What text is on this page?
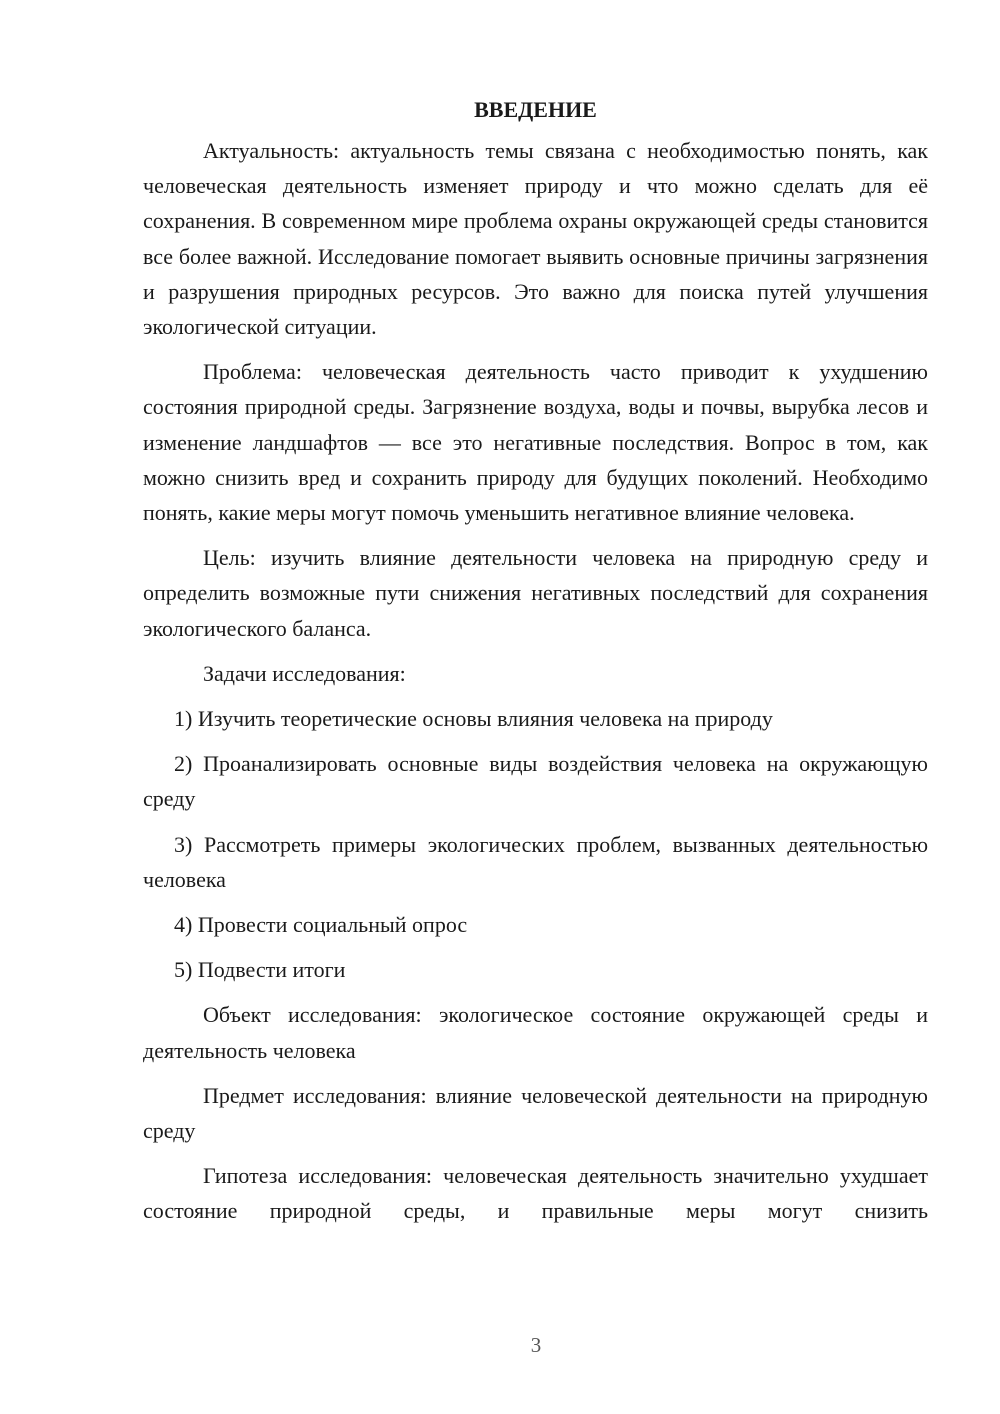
ВВЕДЕНИЕ

Актуальность: актуальность темы связана с необходимостью понять, как человеческая деятельность изменяет природу и что можно сделать для её сохранения. В современном мире проблема охраны окружающей среды становится все более важной. Исследование помогает выявить основные причины загрязнения и разрушения природных ресурсов. Это важно для поиска путей улучшения экологической ситуации.

Проблема: человеческая деятельность часто приводит к ухудшению состояния природной среды. Загрязнение воздуха, воды и почвы, вырубка лесов и изменение ландшафтов — все это негативные последствия. Вопрос в том, как можно снизить вред и сохранить природу для будущих поколений. Необходимо понять, какие меры могут помочь уменьшить негативное влияние человека.

Цель: изучить влияние деятельности человека на природную среду и определить возможные пути снижения негативных последствий для сохранения экологического баланса.

Задачи исследования:

1) Изучить теоретические основы влияния человека на природу

2) Проанализировать основные виды воздействия человека на окружающую среду

3) Рассмотреть примеры экологических проблем, вызванных деятельностью человека

4) Провести социальный опрос

5) Подвести итоги

Объект исследования: экологическое состояние окружающей среды и деятельность человека

Предмет исследования: влияние человеческой деятельности на природную среду

Гипотеза исследования: человеческая деятельность значительно ухудшает состояние природной среды, и правильные меры могут снизить

3
